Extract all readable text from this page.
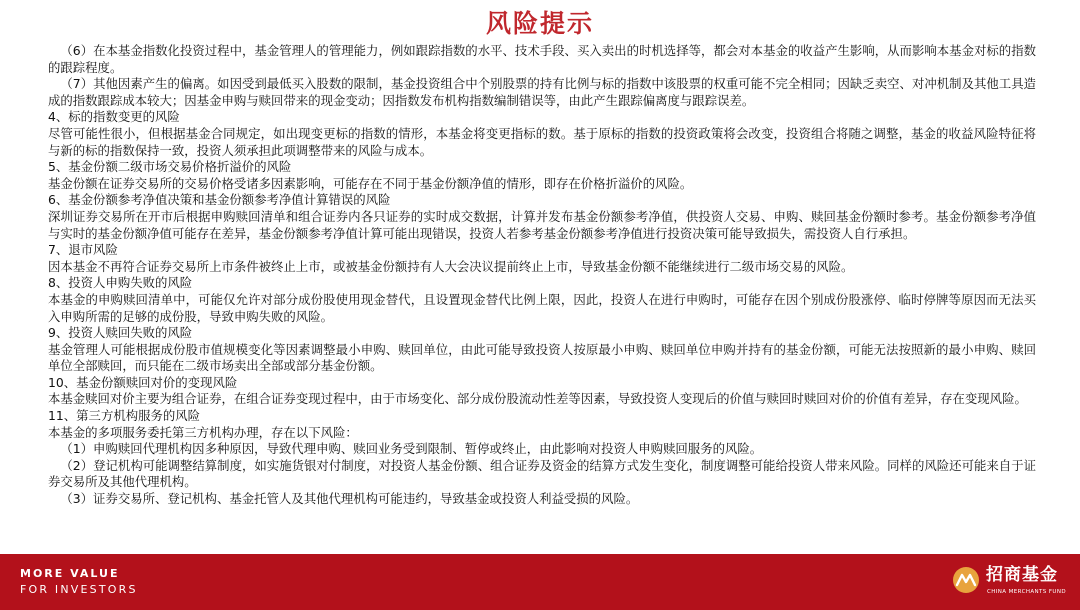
风险提示

（6）在本基金指数化投资过程中，基金管理人的管理能力，例如跟踪指数的水平、技术手段、买入卖出的时机选择等，都会对本基金的收益产生影响，从而影响本基金对标的指数的跟踪程度。

（7）其他因素产生的偏离。如因受到最低买入股数的限制，基金投资组合中个别股票的持有比例与标的指数中该股票的权重可能不完全相同；因缺乏卖空、对冲机制及其他工具造成的指数跟踪成本较大；因基金申购与赎回带来的现金变动；因指数发布机构指数编制错误等，由此产生跟踪偏离度与跟踪误差。

4、标的指数变更的风险

尽管可能性很小，但根据基金合同规定，如出现变更标的指数的情形，本基金将变更指标的数。基于原标的指数的投资政策将会改变，投资组合将随之调整，基金的收益风险特征将与新的标的指数保持一致，投资人须承担此项调整带来的风险与成本。

5、基金份额二级市场交易价格折溢价的风险

基金份额在证券交易所的交易价格受诸多因素影响，可能存在不同于基金份额净值的情形，即存在价格折溢价的风险。

6、基金份额参考净值决策和基金份额参考净值计算错误的风险

深圳证券交易所在开市后根据申购赎回清单和组合证券内各只证券的实时成交数据，计算并发布基金份额参考净值，供投资人交易、申购、赎回基金份额时参考。基金份额参考净值与实时的基金份额净值可能存在差异，基金份额参考净值计算可能出现错误，投资人若参考基金份额参考净值进行投资决策可能导致损失，需投资人自行承担。

7、退市风险

因本基金不再符合证券交易所上市条件被终止上市，或被基金份额持有人大会决议提前终止上市，导致基金份额不能继续进行二级市场交易的风险。

8、投资人申购失败的风险

本基金的申购赎回清单中，可能仅允许对部分成份股使用现金替代，且设置现金替代比例上限，因此，投资人在进行申购时，可能存在因个别成份股涨停、临时停牌等原因而无法买入申购所需的足够的成份股，导致申购失败的风险。

9、投资人赎回失败的风险

基金管理人可能根据成份股市值规模变化等因素调整最小申购、赎回单位，由此可能导致投资人按原最小申购、赎回单位申购并持有的基金份额，可能无法按照新的最小申购、赎回单位全部赎回，而只能在二级市场卖出全部或部分基金份额。

10、基金份额赎回对价的变现风险

本基金赎回对价主要为组合证券，在组合证券变现过程中，由于市场变化、部分成份股流动性差等因素，导致投资人变现后的价值与赎回时赎回对价的价值有差异，存在变现风险。

11、第三方机构服务的风险

本基金的多项服务委托第三方机构办理，存在以下风险：

（1）申购赎回代理机构因多种原因，导致代理申购、赎回业务受到限制、暂停或终止，由此影响对投资人申购赎回服务的风险。

（2）登记机构可能调整结算制度，如实施货银对付制度，对投资人基金份额、组合证券及资金的结算方式发生变化，制度调整可能给投资人带来风险。同样的风险还可能来自于证券交易所及其他代理机构。

（3）证券交易所、登记机构、基金托管人及其他代理机构可能违约，导致基金或投资人利益受损的风险。

MORE VALUE
FOR INVESTORS
招商基金
CHINA MERCHANTS FUND
